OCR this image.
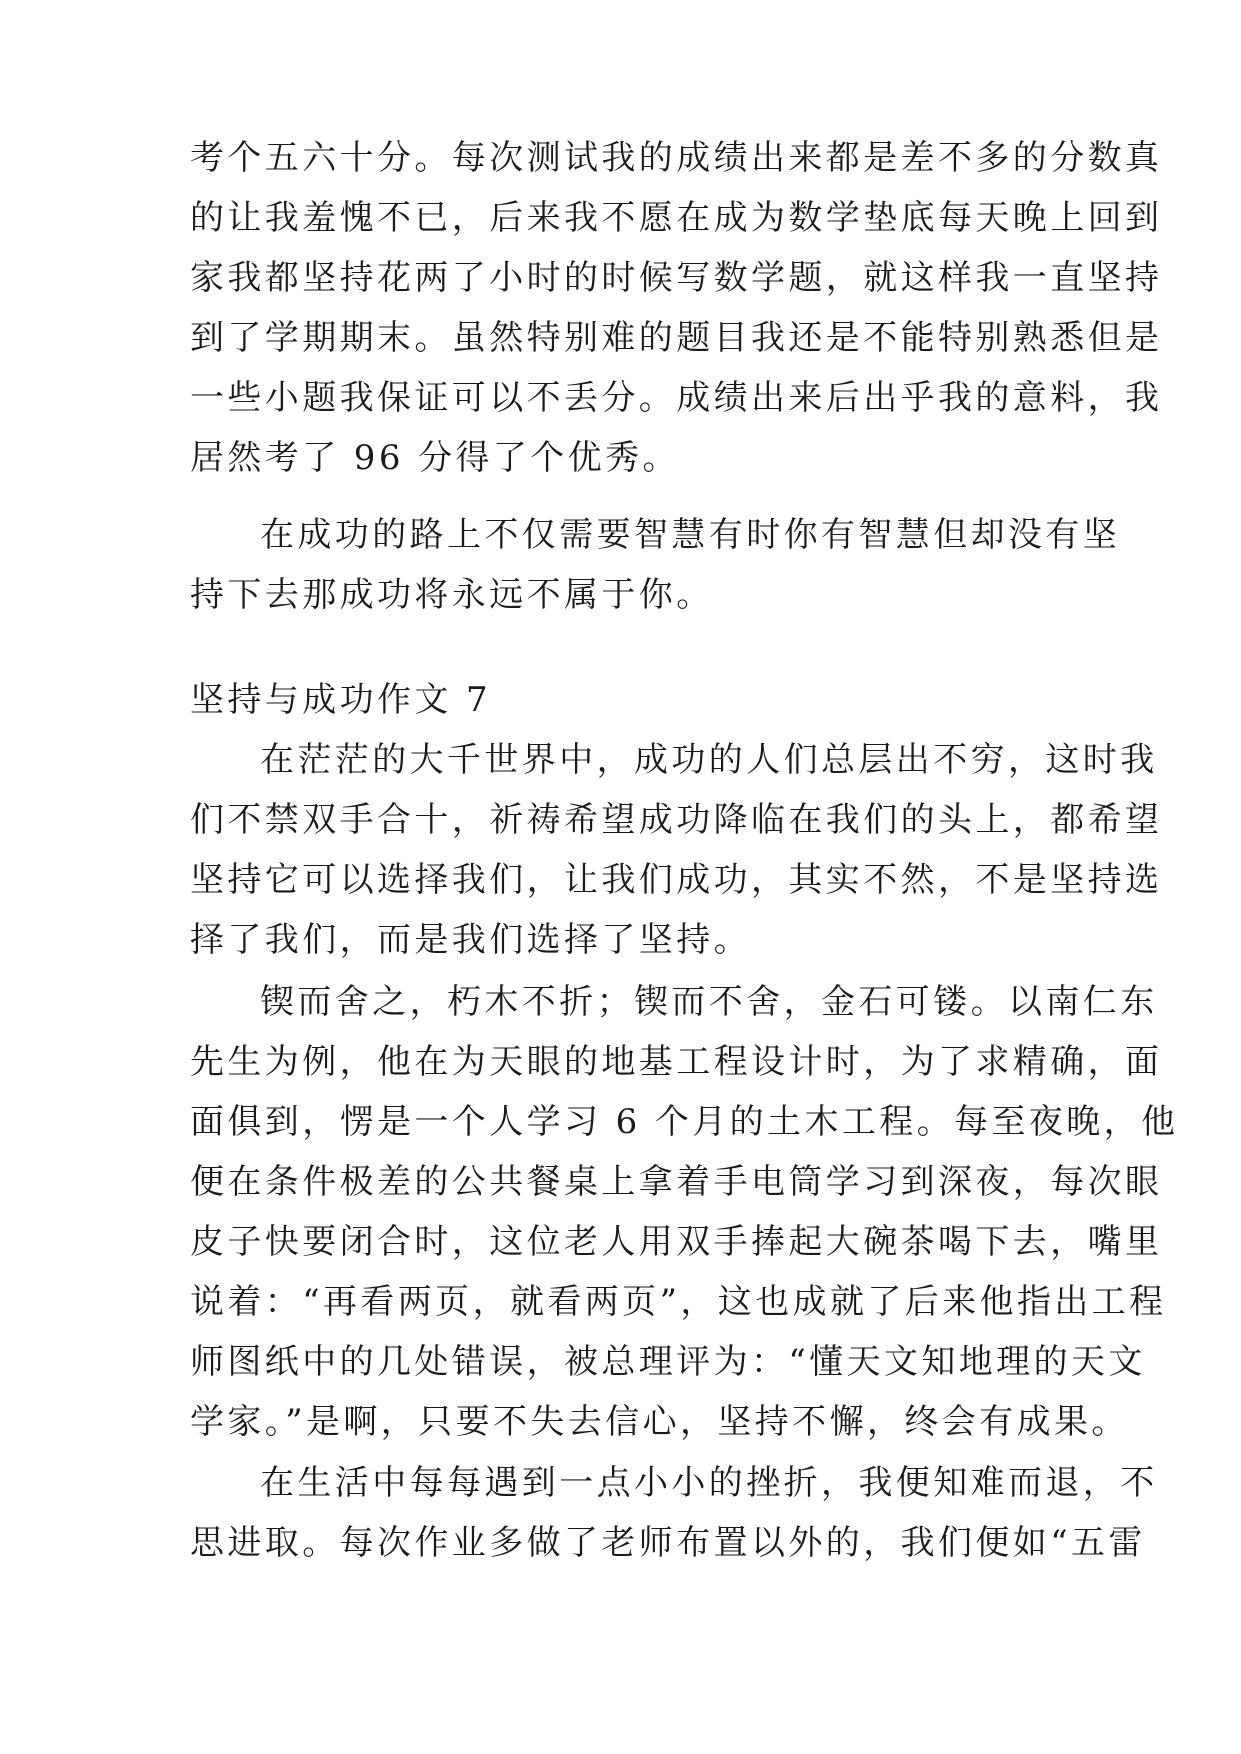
考个五六十分。每次测试我的成绩出来都是差不多的分数真
的让我羞愧不已，后来我不愿在成为数学垫底每天晚上回到
家我都坚持花两了小时的时候写数学题，就这样我一直坚持
到了学期期末。虽然特别难的题目我还是不能特别熟悉但是
一些小题我保证可以不丢分。成绩出来后出乎我的意料，我
居然考了 96 分得了个优秀。
在成功的路上不仅需要智慧有时你有智慧但却没有坚
持下去那成功将永远不属于你。
坚持与成功作文 7
在茫茫的大千世界中，成功的人们总层出不穷，这时我
们不禁双手合十，祈祷希望成功降临在我们的头上，都希望
坚持它可以选择我们，让我们成功，其实不然，不是坚持选
择了我们，而是我们选择了坚持。
锲而舍之，朽木不折；锲而不舍，金石可镂。以南仁东
先生为例，他在为天眼的地基工程设计时，为了求精确，面
面俱到，愣是一个人学习 6 个月的土木工程。每至夜晚，他
便在条件极差的公共餐桌上拿着手电筒学习到深夜，每次眼
皮子快要闭合时，这位老人用双手捧起大碗茶喝下去，嘴里
说着：“再看两页，就看两页”，这也成就了后来他指出工程
师图纸中的几处错误，被总理评为：“懂天文知地理的天文
学家。”是啊，只要不失去信心，坚持不懈，终会有成果。
在生活中每每遇到一点小小的挫折，我便知难而退，不
思进取。每次作业多做了老师布置以外的，我们便如“五雷
